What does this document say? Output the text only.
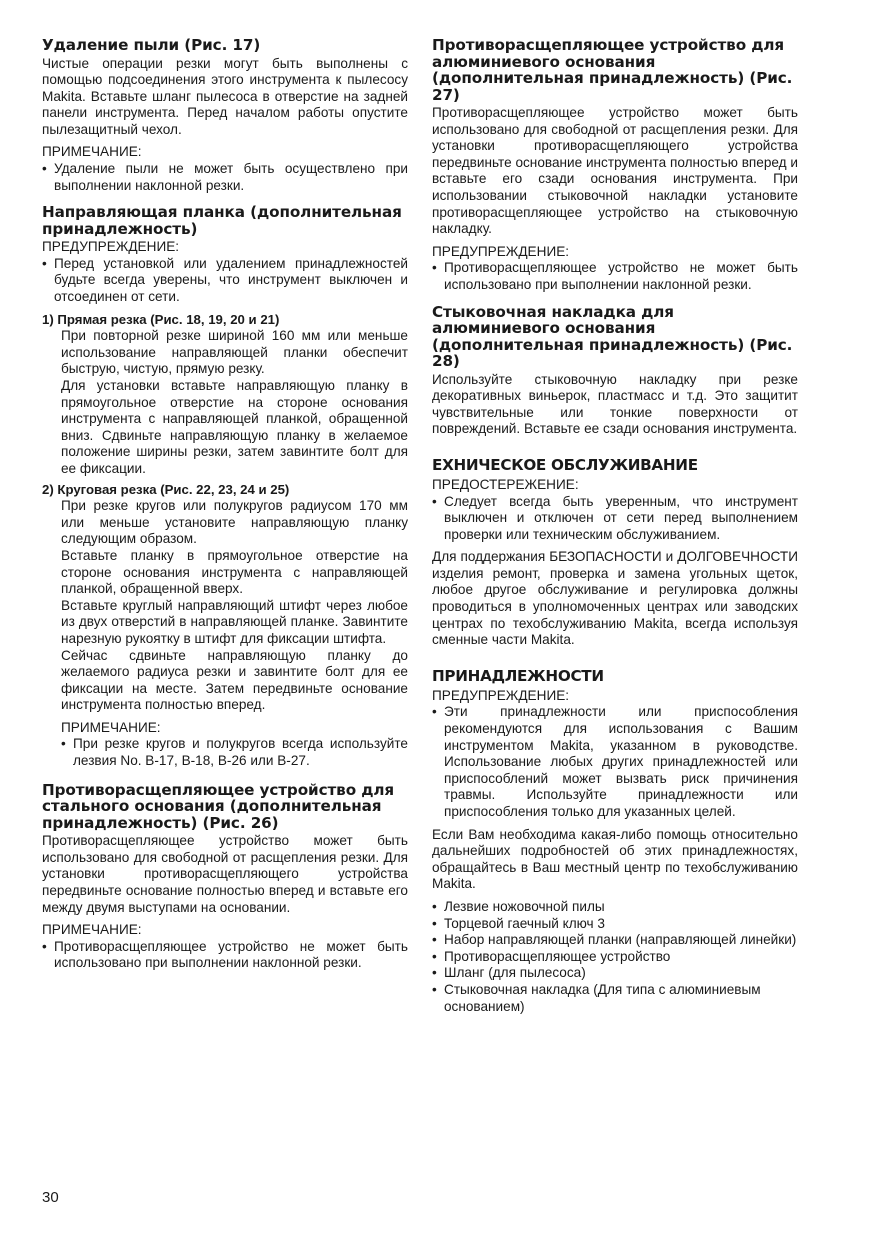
Удаление пыли (Рис. 17)

Чистые операции резки могут быть выполнены с помощью подсоединения этого инструмента к пылесосу Makita. Вставьте шланг пылесоса в отверстие на задней панели инструмента. Перед началом работы опустите пылезащитный чехол.

ПРИМЕЧАНИЕ:

• Удаление пыли не может быть осуществлено при выполнении наклонной резки.
Направляющая планка (дополнительная принадлежность)

ПРЕДУПРЕЖДЕНИЕ:

• Перед установкой или удалением принадлежностей будьте всегда уверены, что инструмент выключен и отсоединен от сети.

1) Прямая резка (Рис. 18, 19, 20 и 21)

При повторной резке шириной 160 мм или меньше использование направляющей планки обеспечит быструю, чистую, прямую резку.

Для установки вставьте направляющую планку в прямоугольное отверстие на стороне основания инструмента с направляющей планкой, обращенной вниз. Сдвиньте направляющую планку в желаемое положение ширины резки, затем завинтите болт для ее фиксации.

2) Круговая резка (Рис. 22, 23, 24 и 25)

При резке кругов или полукругов радиусом 170 мм или меньше установите направляющую планку следующим образом.

Вставьте планку в прямоугольное отверстие на стороне основания инструмента с направляющей планкой, обращенной вверх.

Вставьте круглый направляющий штифт через любое из двух отверстий в направляющей планке. Завинтите нарезную рукоятку в штифт для фиксации штифта.

Сейчас сдвиньте направляющую планку до желаемого радиуса резки и завинтите болт для ее фиксации на месте. Затем передвиньте основание инструмента полностью вперед.

ПРИМЕЧАНИЕ:

• При резке кругов и полукругов всегда используйте лезвия No. B-17, B-18, B-26 или B-27.
Противорасщепляющее устройство для стального основания (дополнительная принадлежность) (Рис. 26)

Противорасщепляющее устройство может быть использовано для свободной от расщепления резки. Для установки противорасщепляющего устройства передвиньте основание полностью вперед и вставьте его между двумя выступами на основании.

ПРИМЕЧАНИЕ:

• Противорасщепляющее устройство не может быть использовано при выполнении наклонной резки.
Противорасщепляющее устройство для алюминиевого основания (дополнительная принадлежность) (Рис. 27)

Противорасщепляющее устройство может быть использовано для свободной от расщепления резки. Для установки противорасщепляющего устройства передвиньте основание инструмента полностью вперед и вставьте его сзади основания инструмента. При использовании стыковочной накладки установите противорасщепляющее устройство на стыковочную накладку.

ПРЕДУПРЕЖДЕНИЕ:

• Противорасщепляющее устройство не может быть использовано при выполнении наклонной резки.
Стыковочная накладка для алюминиевого основания (дополнительная принадлежность) (Рис. 28)

Используйте стыковочную накладку при резке декоративных виньерок, пластмасс и т.д. Это защитит чувствительные или тонкие поверхности от повреждений. Вставьте ее сзади основания инструмента.

ЕХНИЧЕСКОЕ ОБСЛУЖИВАНИЕ

ПРЕДОСТЕРЕЖЕНИЕ:

• Следует всегда быть уверенным, что инструмент выключен и отключен от сети перед выполнением проверки или техническим обслуживанием.

Для поддержания БЕЗОПАСНОСТИ и ДОЛГОВЕЧНОСТИ изделия ремонт, проверка и замена угольных щеток, любое другое обслуживание и регулировка должны проводиться в уполномоченных центрах или заводских центрах по техобслуживанию Makita, всегда используя сменные части Makita.

ПРИНАДЛЕЖНОСТИ

ПРЕДУПРЕЖДЕНИЕ:

• Эти принадлежности или приспособления рекомендуются для использования с Вашим инструментом Makita, указанном в руководстве. Использование любых других принадлежностей или приспособлений может вызвать риск причинения травмы. Используйте принадлежности или приспособления только для указанных целей.

Если Вам необходима какая-либо помощь относительно дальнейших подробностей об этих принадлежностях, обращайтесь в Ваш местный центр по техобслуживанию Makita.

• Лезвие ножовочной пилы
• Торцевой гаечный ключ 3
• Набор направляющей планки (направляющей линейки)
• Противорасщепляющее устройство
• Шланг (для пылесоса)
• Стыковочная накладка (Для типа с алюминиевым основанием)
30
